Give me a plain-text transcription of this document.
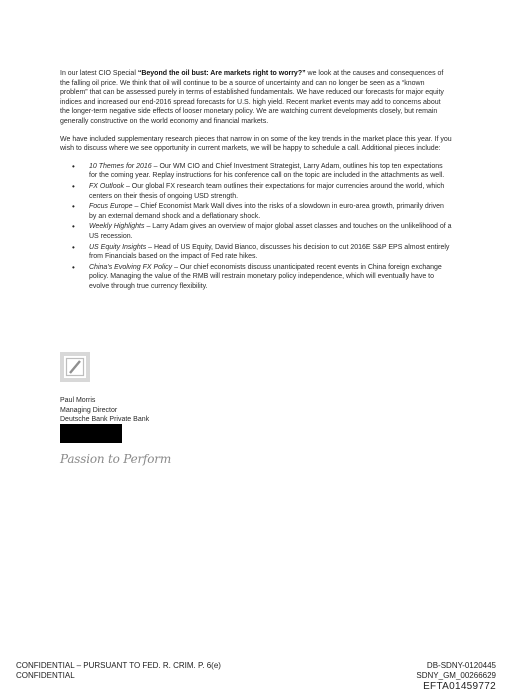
In our latest CIO Special “Beyond the oil bust: Are markets right to worry?” we look at the causes and consequences of the falling oil price. We think that oil will continue to be a source of uncertainty and can no longer be seen as a “known problem” that can be assessed purely in terms of established fundamentals. We have reduced our forecasts for major equity indices and increased our end-2016 spread forecasts for U.S. high yield. Recent market events may add to concerns about the longer-term negative side effects of looser monetary policy. We are watching current developments closely, but remain generally constructive on the world economy and financial markets.

We have included supplementary research pieces that narrow in on some of the key trends in the market place this year. If you wish to discuss where we see opportunity in current markets, we will be happy to schedule a call. Additional pieces include:

• 10 Themes for 2016 – Our WM CIO and Chief Investment Strategist, Larry Adam, outlines his top ten expectations for the coming year. Replay instructions for his conference call on the topic are included in the attachments as well.
• FX Outlook – Our global FX research team outlines their expectations for major currencies around the world, which centers on their thesis of ongoing USD strength.
• Focus Europe – Chief Economist Mark Wall dives into the risks of a slowdown in euro-area growth, primarily driven by an external demand shock and a deflationary shock.
• Weekly Highlights – Larry Adam gives an overview of major global asset classes and touches on the unlikelihood of a US recession.
• US Equity Insights – Head of US Equity, David Bianco, discusses his decision to cut 2016E S&P EPS almost entirely from Financials based on the impact of Fed rate hikes.
• China’s Evolving FX Policy – Our chief economists discuss unanticipated recent events in China foreign exchange policy. Managing the value of the RMB will restrain monetary policy independence, which will eventually have to evolve through true currency flexibility.
Paul Morris
Managing Director
Deutsche Bank Private Bank
Passion to Perform
CONFIDENTIAL – PURSUANT TO FED. R. CRIM. P. 6(e)
CONFIDENTIAL
DB-SDNY-0120445
SDNY_GM_00266629
EFTA01459772
